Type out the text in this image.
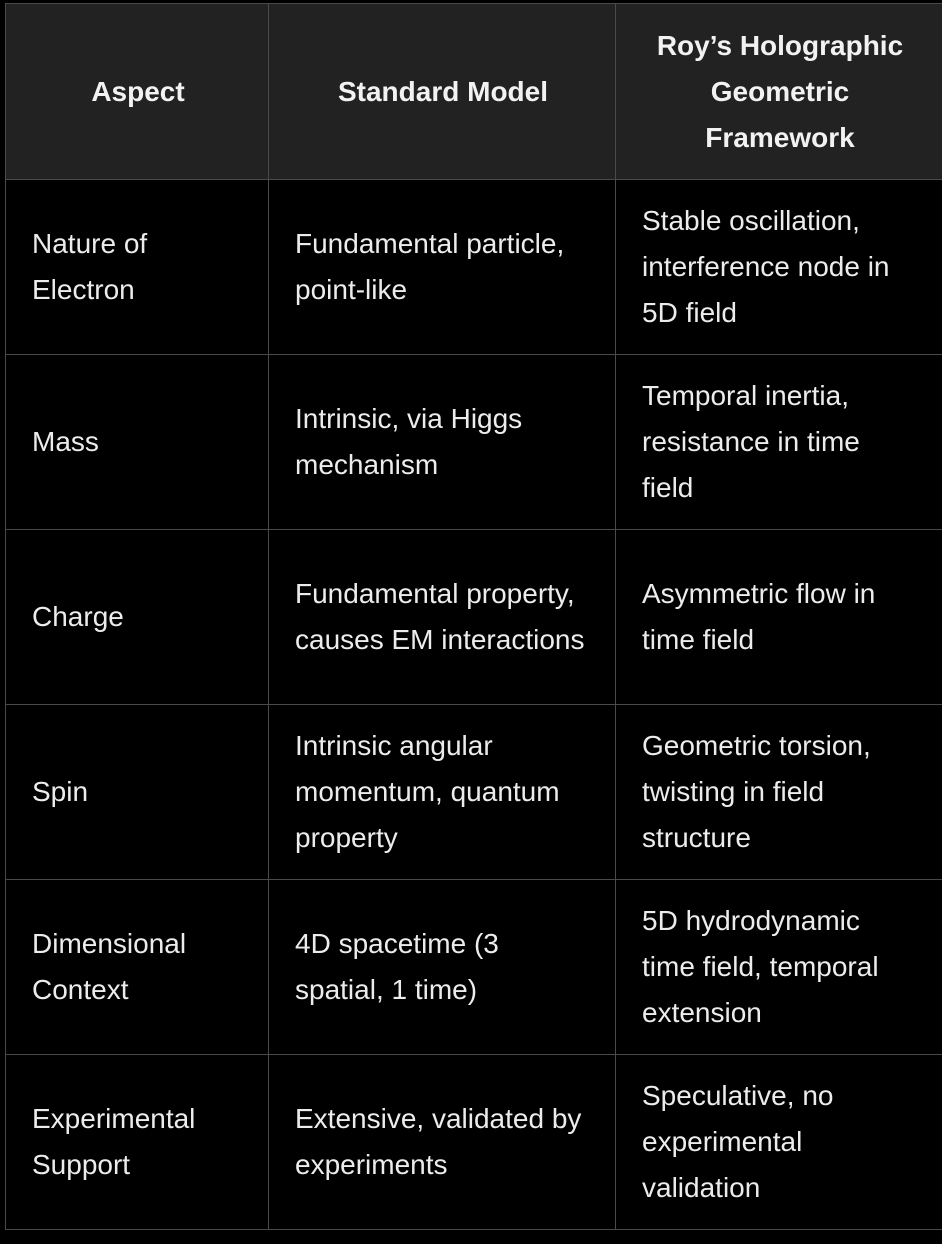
Aspect	Standard Model	Roy’s Holographic Geometric Framework

Nature of Electron	Fundamental particle, point-like	Stable oscillation, interference node in 5D field

Mass	Intrinsic, via Higgs mechanism	Temporal inertia, resistance in time field

Charge	Fundamental property, causes EM interactions	Asymmetric flow in time field

Spin	Intrinsic angular momentum, quantum property	Geometric torsion, twisting in field structure

Dimensional Context	4D spacetime (3 spatial, 1 time)	5D hydrodynamic time field, temporal extension

Experimental Support	Extensive, validated by experiments	Speculative, no experimental validation
